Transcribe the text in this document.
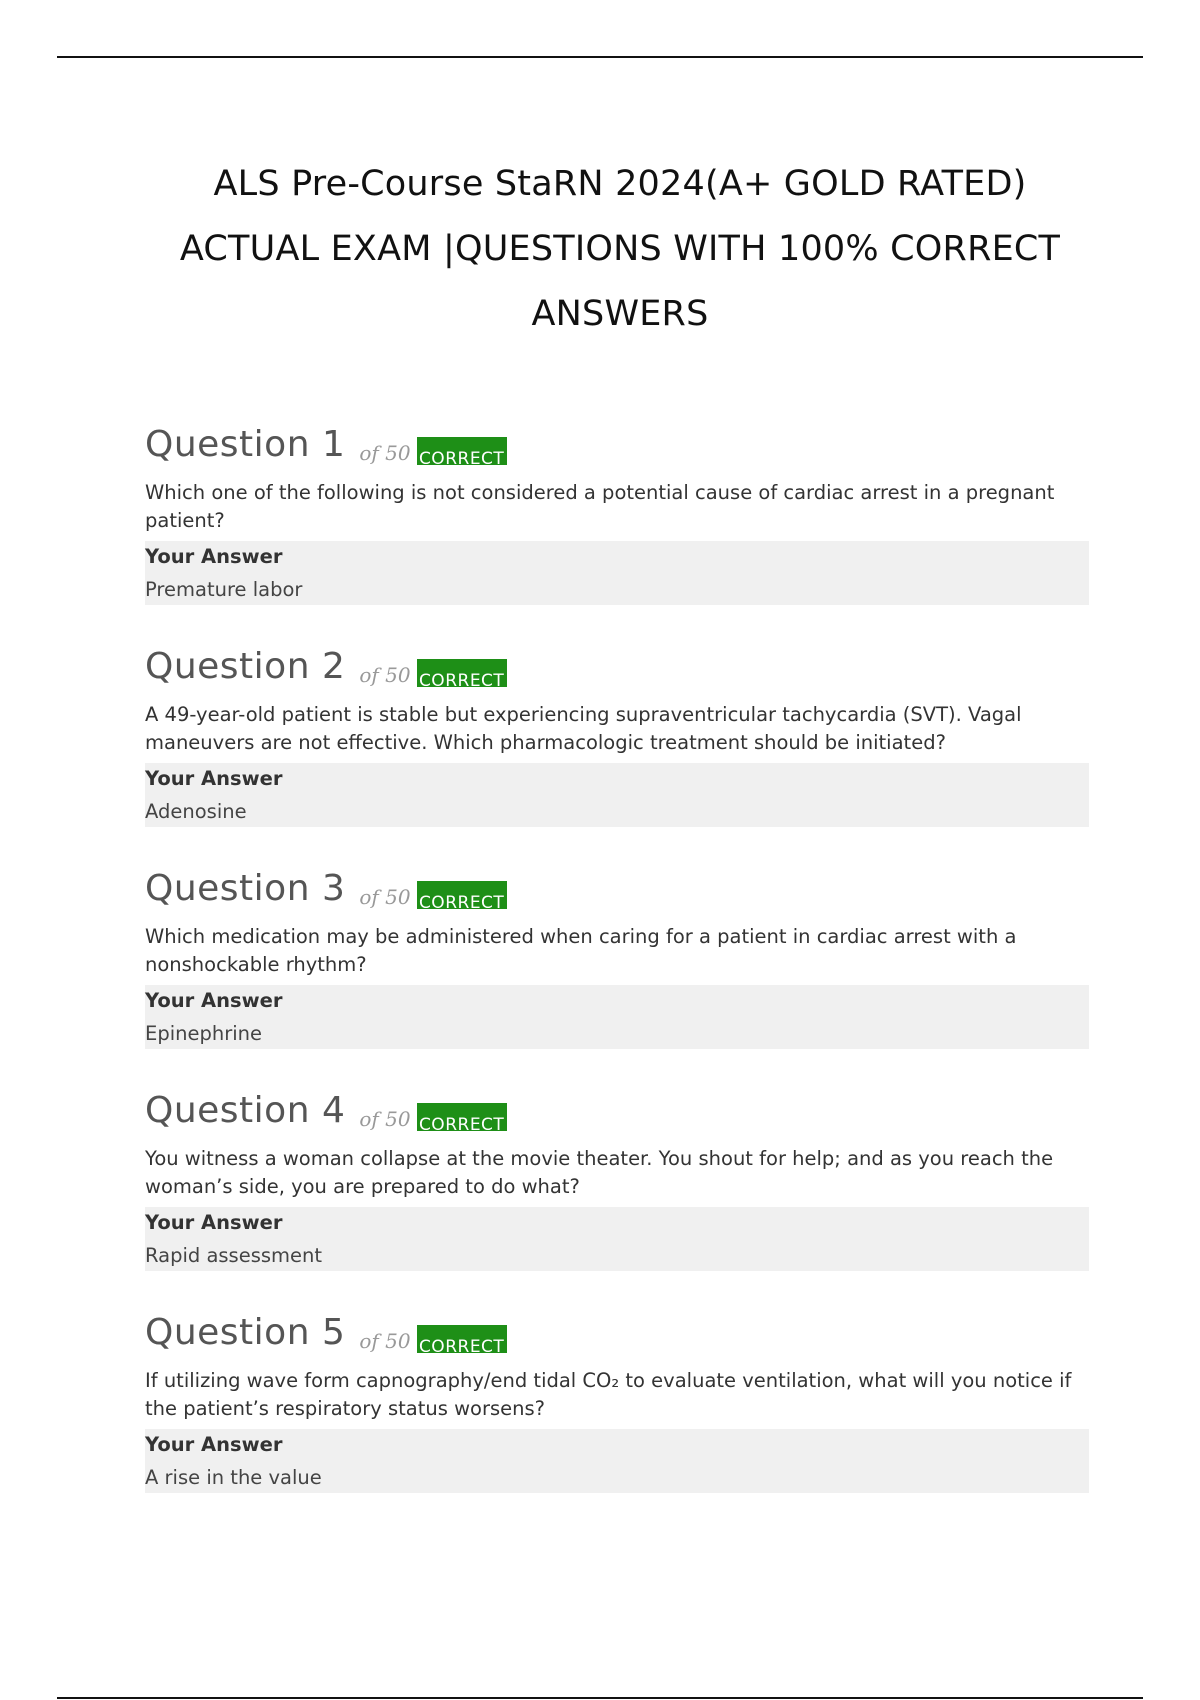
ALS Pre-Course StaRN 2024(A+ GOLD RATED)
ACTUAL EXAM |QUESTIONS WITH 100% CORRECT
ANSWERS
Question 1 of 50 CORRECT
Which one of the following is not considered a potential cause of cardiac arrest in a pregnant patient?
Your Answer
Premature labor
Question 2 of 50 CORRECT
A 49-year-old patient is stable but experiencing supraventricular tachycardia (SVT). Vagal maneuvers are not effective. Which pharmacologic treatment should be initiated?
Your Answer
Adenosine
Question 3 of 50 CORRECT
Which medication may be administered when caring for a patient in cardiac arrest with a nonshockable rhythm?
Your Answer
Epinephrine
Question 4 of 50 CORRECT
You witness a woman collapse at the movie theater. You shout for help; and as you reach the woman’s side, you are prepared to do what?
Your Answer
Rapid assessment
Question 5 of 50 CORRECT
If utilizing wave form capnography/end tidal CO₂ to evaluate ventilation, what will you notice if the patient’s respiratory status worsens?
Your Answer
A rise in the value
